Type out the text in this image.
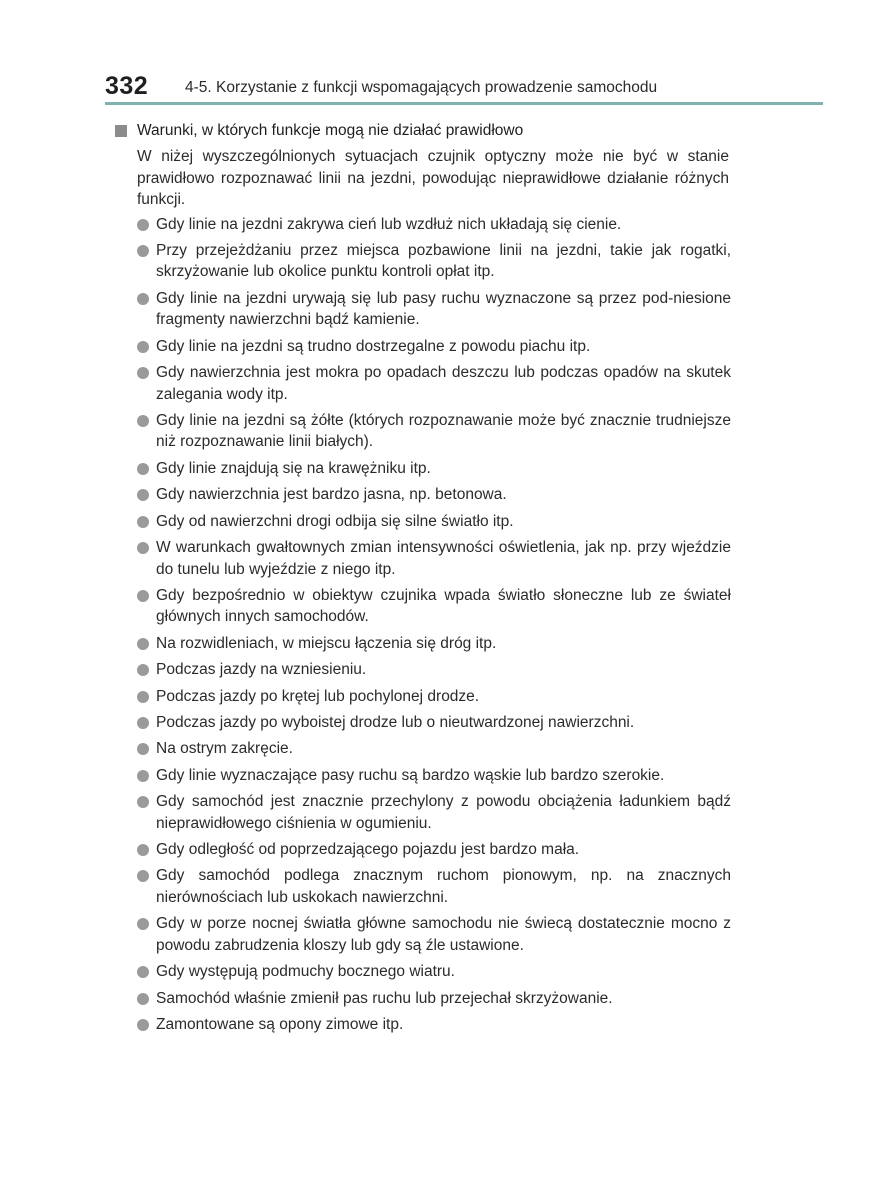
332 4-5. Korzystanie z funkcji wspomagających prowadzenie samochodu
Warunki, w których funkcje mogą nie działać prawidłowo

W niżej wyszczególnionych sytuacjach czujnik optyczny może nie być w stanie prawidłowo rozpoznawać linii na jezdni, powodując nieprawidłowe działanie różnych funkcji.

Gdy linie na jezdni zakrywa cień lub wzdłuż nich układają się cienie.
Przy przejeżdżaniu przez miejsca pozbawione linii na jezdni, takie jak rogatki, skrzyżowanie lub okolice punktu kontroli opłat itp.
Gdy linie na jezdni urywają się lub pasy ruchu wyznaczone są przez pod-niesione fragmenty nawierzchni bądź kamienie.
Gdy linie na jezdni są trudno dostrzegalne z powodu piachu itp.
Gdy nawierzchnia jest mokra po opadach deszczu lub podczas opadów na skutek zalegania wody itp.
Gdy linie na jezdni są żółte (których rozpoznawanie może być znacznie trudniejsze niż rozpoznawanie linii białych).
Gdy linie znajdują się na krawężniku itp.
Gdy nawierzchnia jest bardzo jasna, np. betonowa.
Gdy od nawierzchni drogi odbija się silne światło itp.
W warunkach gwałtownych zmian intensywności oświetlenia, jak np. przy wjeździe do tunelu lub wyjeździe z niego itp.
Gdy bezpośrednio w obiektyw czujnika wpada światło słoneczne lub ze świateł głównych innych samochodów.
Na rozwidleniach, w miejscu łączenia się dróg itp.
Podczas jazdy na wzniesieniu.
Podczas jazdy po krętej lub pochylonej drodze.
Podczas jazdy po wyboistej drodze lub o nieutwardzonej nawierzchni.
Na ostrym zakręcie.
Gdy linie wyznaczające pasy ruchu są bardzo wąskie lub bardzo szerokie.
Gdy samochód jest znacznie przechylony z powodu obciążenia ładunkiem bądź nieprawidłowego ciśnienia w ogumieniu.
Gdy odległość od poprzedzającego pojazdu jest bardzo mała.
Gdy samochód podlega znacznym ruchom pionowym, np. na znacznych nierównościach lub uskokach nawierzchni.
Gdy w porze nocnej światła główne samochodu nie świecą dostatecznie mocno z powodu zabrudzenia kloszy lub gdy są źle ustawione.
Gdy występują podmuchy bocznego wiatru.
Samochód właśnie zmienił pas ruchu lub przejechał skrzyżowanie.
Zamontowane są opony zimowe itp.
